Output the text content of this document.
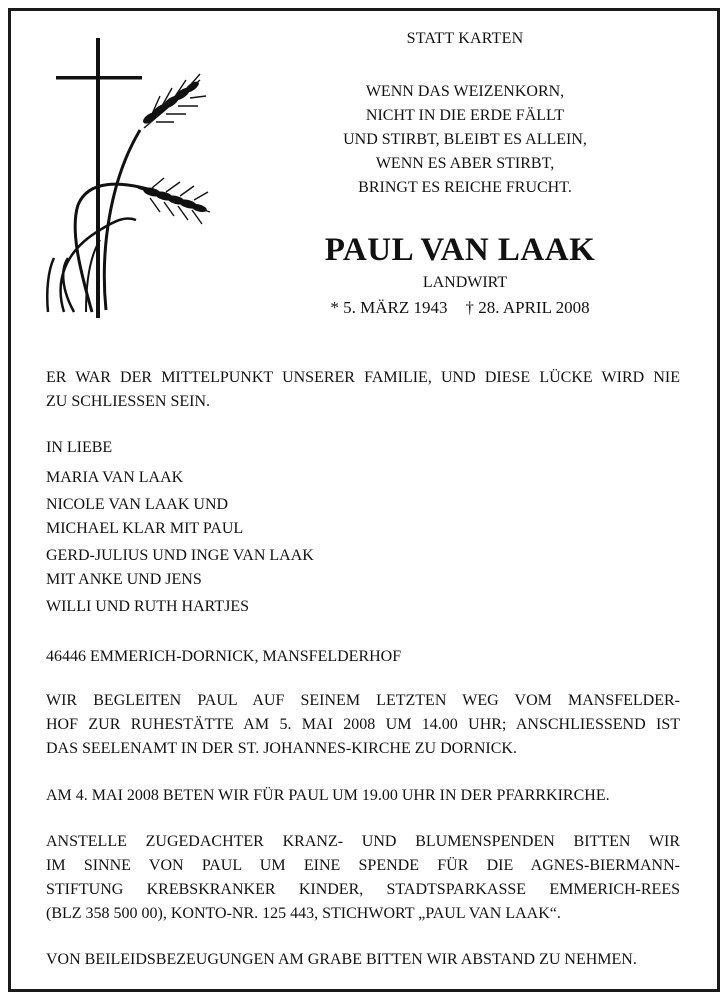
STATT KARTEN
WENN DAS WEIZENKORN,
NICHT IN DIE ERDE FÄLLT
UND STIRBT, BLEIBT ES ALLEIN,
WENN ES ABER STIRBT,
BRINGT ES REICHE FRUCHT.
PAUL VAN LAAK
LANDWIRT
* 5. MÄRZ 1943 † 28. APRIL 2008
ER WAR DER MITTELPUNKT UNSERER FAMILIE, UND DIESE LÜCKE WIRD NIE
ZU SCHLIESSEN SEIN.
IN LIEBE
MARIA VAN LAAK
NICOLE VAN LAAK UND
MICHAEL KLAR MIT PAUL
GERD-JULIUS UND INGE VAN LAAK
MIT ANKE UND JENS
WILLI UND RUTH HARTJES
46446 EMMERICH-DORNICK, MANSFELDERHOF
WIR BEGLEITEN PAUL AUF SEINEM LETZTEN WEG VOM MANSFELDER-
HOF ZUR RUHESTÄTTE AM 5. MAI 2008 UM 14.00 UHR; ANSCHLIESSEND IST
DAS SEELENAMT IN DER ST. JOHANNES-KIRCHE ZU DORNICK.
AM 4. MAI 2008 BETEN WIR FÜR PAUL UM 19.00 UHR IN DER PFARRKIRCHE.
ANSTELLE ZUGEDACHTER KRANZ- UND BLUMENSPENDEN BITTEN WIR
IM SINNE VON PAUL UM EINE SPENDE FÜR DIE AGNES-BIERMANN-
STIFTUNG KREBSKRANKER KINDER, STADTSPARKASSE EMMERICH-REES
(BLZ 358 500 00), KONTO-NR. 125 443, STICHWORT „PAUL VAN LAAK“.
VON BEILEIDSBEZEUGUNGEN AM GRABE BITTEN WIR ABSTAND ZU NEHMEN.
